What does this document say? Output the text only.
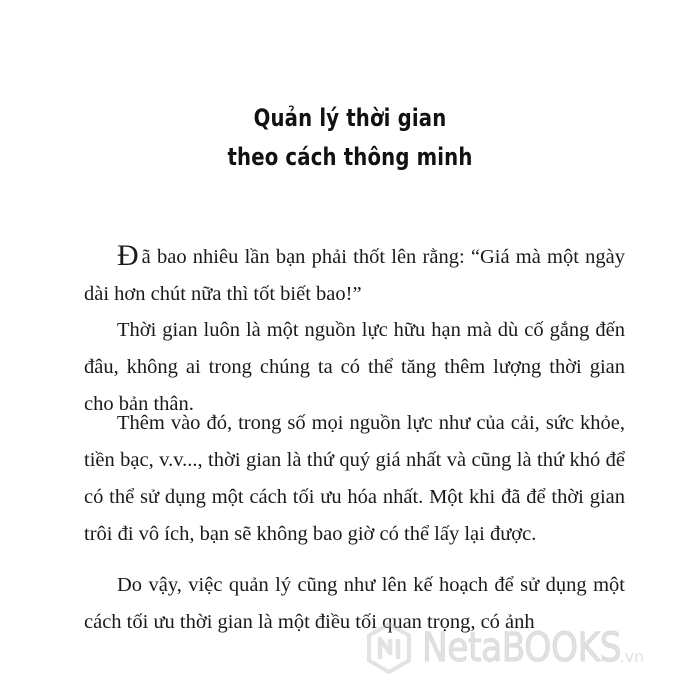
Quản lý thời gian
theo cách thông minh

Đ ã bao nhiêu lần bạn phải thốt lên rằng: “Giá mà một ngày dài hơn chút nữa thì tốt biết bao!”

Thời gian luôn là một nguồn lực hữu hạn mà dù cố gắng đến đâu, không ai trong chúng ta có thể tăng thêm lượng thời gian cho bản thân.

Thêm vào đó, trong số mọi nguồn lực như của cải, sức khỏe, tiền bạc, v.v..., thời gian là thứ quý giá nhất và cũng là thứ khó để có thể sử dụng một cách tối ưu hóa nhất. Một khi đã để thời gian trôi đi vô ích, bạn sẽ không bao giờ có thể lấy lại được.

Do vậy, việc quản lý cũng như lên kế hoạch để sử dụng một cách tối ưu thời gian là một điều tối quan trọng, có ảnh

NetaBOOKS
.vn
